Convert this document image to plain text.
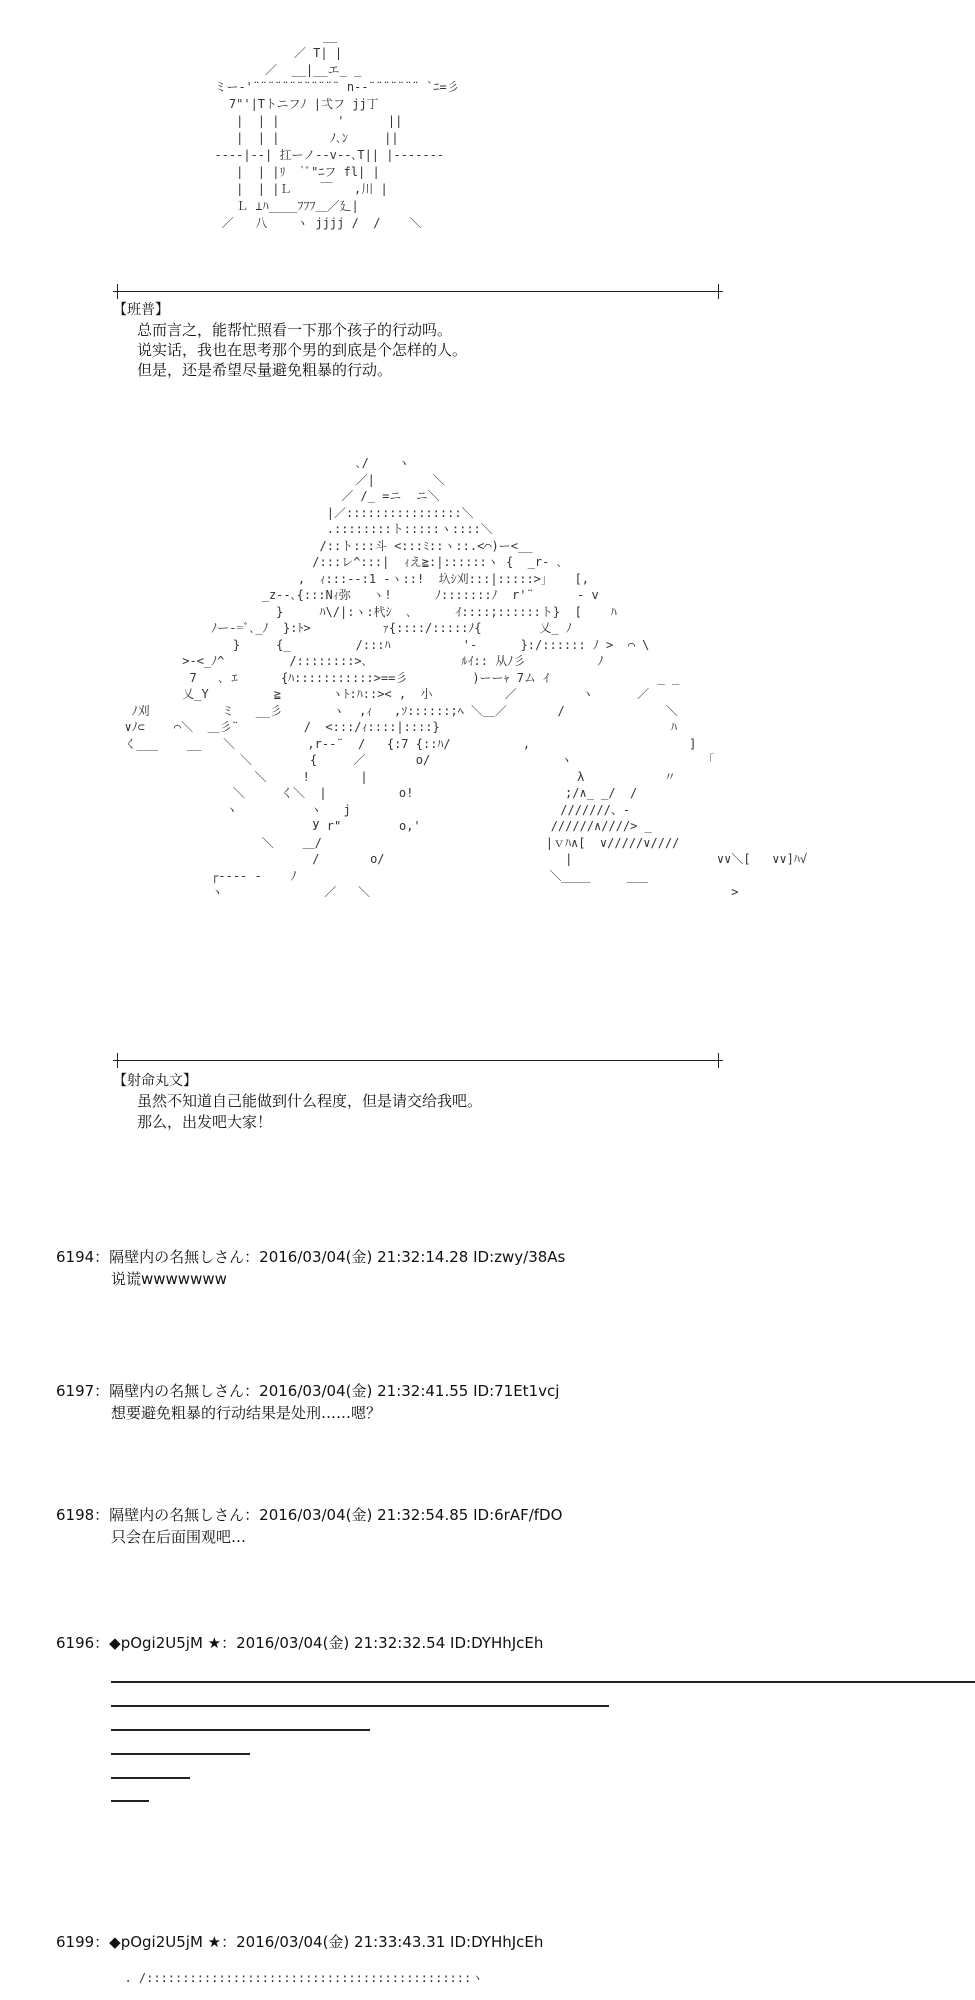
__
／ T| |
／  __|__エ_ _
ミー-'¨¨¨¨¨¨¨¨¨¨¨¨ n--¨¨¨¨¨¨¨ `ﾆ=彡
7"'|Tトニフﾉ |弌フ jj丁
|  | |        '      ||
|  | |       ﾉ､ﾝ     ||
----|--| 扛ーノ--v--､T|| |-------
|  | |ﾘ  `ﾞ"ﾆフ fl| |
|  | |Ｌ    ￣   ,川 |
Ｌ ⊥ﾊ____ﾌﾌﾌ＿／廴|
／   八    ヽ jjjj /  /    ＼
【班普】
总而言之，能帮忙照看一下那个孩子的行动吗。
说实话，我也在思考那个男的到底是个怎样的人。
但是，还是希望尽量避免粗暴的行动。
､/    ヽ
／|        ＼
／ /_ =ニ  ニ＼
|／::::::::::::::::＼
.::::::::ト:::::ヽ::::＼
/::ト:::斗 <:::ﾐ::ヽ::.<⌒)ー<__
/:::レ^:::|  ｨえ≧:|::::::ヽ {  _r‐ ､
,  ｨ:::--:1 -ヽ::!  圦ｼ刈:::|:::::>」   [,
_z--､{:::Nｨ弥   ヽ!      ﾉ:::::::ﾉ  r'¨      ‐ v
}     ﾊ\/|:ヽ:杙ｼ  ､      ｲ::::;::::::ト}  [    ﾊ
ﾉー-=ﾞ､_ﾉ  }:ﾄ>          ｧ{::::/:::::ﾉ{        乂_ ﾉ
}     {_         /:::ﾊ          '-      }:/:::::: ﾉ >  ⌒ \
>‐<_ﾉ^         /::::::::>､             ﾙｲ:: 从ﾉ彡          ﾉ
7   ､ ｴ      {ﾊ:::::::::::>==彡         )ーーｬ 7ム ｲ               _ _
乂_Y         ≧       ヽﾄ:ﾊ::>< ,  小          ／         ヽ      ／
ﾉ刈          ミ   __彡       ヽ  ,ｨ   ,ｿ::::::;ﾍ ＼＿／       /              ＼
∨ﾉ⊂    ⌒＼  ＿彡¨         /  <:::/ｨ::::|::::}                                ﾊ
く___    __   ＼          ,r--¨  /   {:7 {::ﾊ/          ,                      ]
＼        {     ／       o/                  ヽ                  「
＼     !       |                             λ           〃
＼     く＼  |          o!                     ;/∧_ _/  /
ヽ          ヽ   j                             ///////、-
У r"        o,'                  //////∧////> _
＼    ＿/                               |ｖﾊ∧[  ∨/////∨////
/       o/                         |                    ∨∨＼[   ∨∨]ﾊ√
┌---- -    ﾉ                                   ＼____     ___
ヽ              ／   ＼                                                  >
【射命丸文】
虽然不知道自己能做到什么程度，但是请交给我吧。
那么，出发吧大家！
6194：隔壁内の名無しさん：2016/03/04(金) 21:32:14.28 ID:zwy/38As
说谎wwwwwww
6197：隔壁内の名無しさん：2016/03/04(金) 21:32:41.55 ID:71Et1vcj
想要避免粗暴的行动结果是处刑……嗯？
6198：隔壁内の名無しさん：2016/03/04(金) 21:32:54.85 ID:6rAF/fDO
只会在后面围观吧…
6196：◆pOgi2U5jM ★：2016/03/04(金) 21:32:32.54 ID:DYHhJcEh
6199：◆pOgi2U5jM ★：2016/03/04(金) 21:33:43.31 ID:DYHhJcEh
. /:::::::::::::::::::::::::::::::::::::::::::::ヽ
